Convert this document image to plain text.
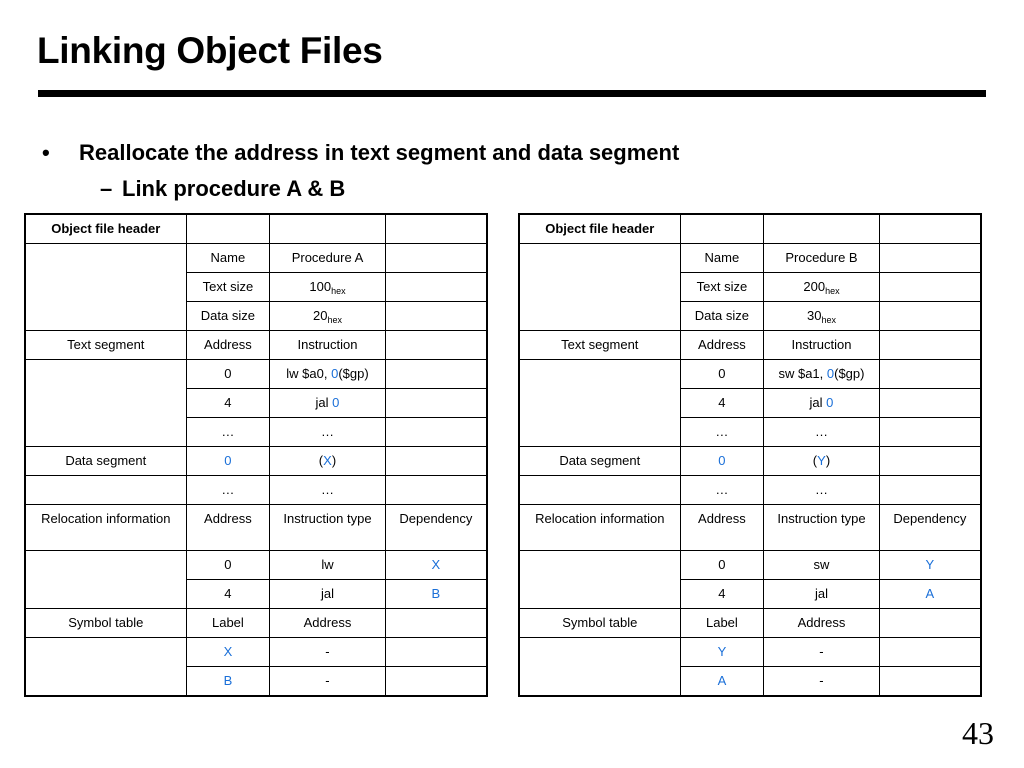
Linking Object Files
• Reallocate the address in text segment and data segment
– Link procedure A & B
Object file header			
	Name	Procedure A	
	Text size	$100_{hex}$	
	Data size	$20_{hex}$	
Text segment	Address	Instruction	
	0	lw $a0, 0($gp)	
	4	jal 0	
	…	…	
Data segment	0	(X)	
	…	…	
Relocation information	Address	Instruction type	Dependency
	0	lw	X
	4	jal	B
Symbol table	Label	Address	
	X	-	
	B	-	
Object file header			
	Name	Procedure B	
	Text size	$200_{hex}$	
	Data size	$30_{hex}$	
Text segment	Address	Instruction	
	0	sw $a1, 0($gp)	
	4	jal 0	
	…	…	
Data segment	0	(Y)	
	…	…	
Relocation information	Address	Instruction type	Dependency
	0	sw	Y
	4	jal	A
Symbol table	Label	Address	
	Y	-	
	A	-	
43
